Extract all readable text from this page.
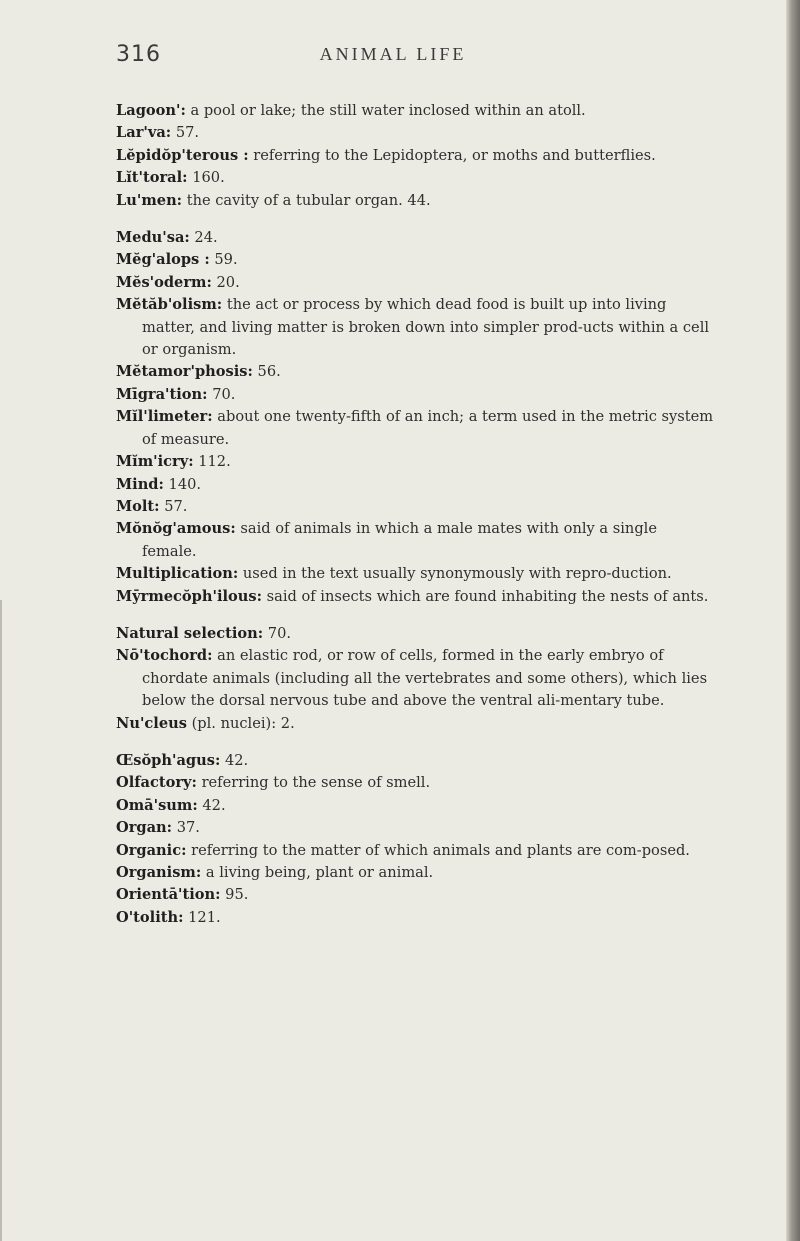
316	ANIMAL LIFE

Lagoon': a pool or lake; the still water inclosed within an atoll.

Lar'va: 57.

Lĕpidŏp'terous : referring to the Lepidoptera, or moths and butterflies.

Lĭt'toral: 160.

Lu'men: the cavity of a tubular organ. 44.

Medu'sa: 24.

Mĕg'alops : 59.

Mĕs'oderm: 20.

Mĕtăb'olism: the act or process by which dead food is built up into living matter, and living matter is broken down into simpler prod-ucts within a cell or organism.

Mĕtamor'phosis: 56.

Mīgra'tion: 70.

Mĭl'limeter: about one twenty-fifth of an inch; a term used in the metric system of measure.

Mĭm'icry: 112.

Mind: 140.

Molt: 57.

Mŏnŏg'amous: said of animals in which a male mates with only a single female.

Multiplication: used in the text usually synonymously with repro-duction.

Mȳrmecŏph'ilous: said of insects which are found inhabiting the nests of ants.

Natural selection: 70.

Nō'tochord: an elastic rod, or row of cells, formed in the early embryo of chordate animals (including all the vertebrates and some others), which lies below the dorsal nervous tube and above the ventral ali-mentary tube.

Nu'cleus (pl. nuclei): 2.

Œsŏph'agus: 42.

Olfactory: referring to the sense of smell.

Omā'sum: 42.

Organ: 37.

Organic: referring to the matter of which animals and plants are com-posed.

Organism: a living being, plant or animal.

Orientā'tion: 95.

O'tolith: 121.
